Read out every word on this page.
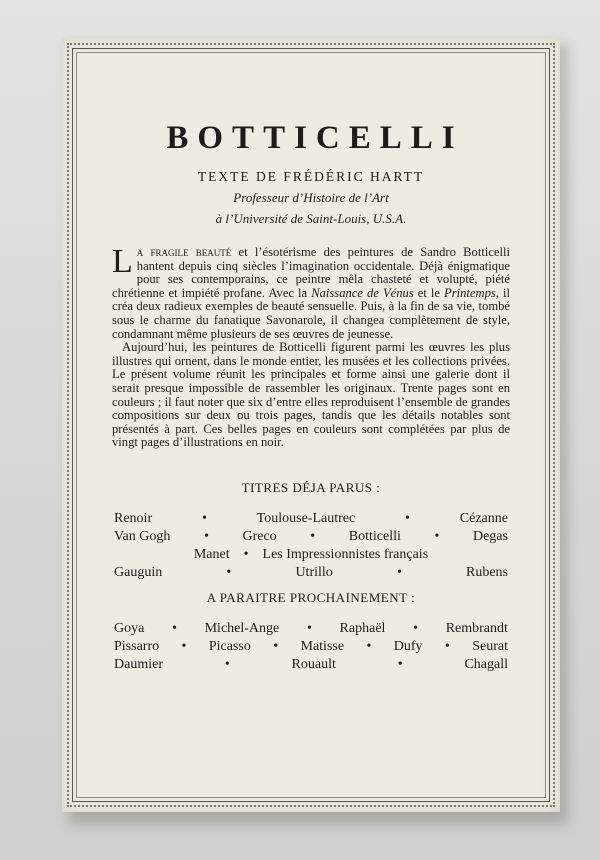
BOTTICELLI
TEXTE DE FRÉDÉRIC HARTT
Professeur d’Histoire de l’Art
à l’Université de Saint-Louis, U.S.A.

La fragile beauté et l’ésotérisme des peintures de Sandro Botticelli hantent depuis cinq siècles l’imagination occidentale. Déjà énigmatique pour ses contemporains, ce peintre mêla chasteté et volupté, piété chrétienne et impiété profane. Avec la Naissance de Vénus et le Printemps, il créa deux radieux exemples de beauté sensuelle. Puis, à la fin de sa vie, tombé sous le charme du fanatique Savonarole, il changea complètement de style, condamnant même plusieurs de ses œuvres de jeunesse.

Aujourd’hui, les peintures de Botticelli figurent parmi les œuvres les plus illustres qui ornent, dans le monde entier, les musées et les collections privées. Le présent volume réunit les principales et forme ainsi une galerie dont il serait presque impossible de rassembler les originaux. Trente pages sont en couleurs ; il faut noter que six d’entre elles reproduisent l’ensemble de grandes compositions sur deux ou trois pages, tandis que les détails notables sont présentés à part. Ces belles pages en couleurs sont complétées par plus de vingt pages d’illustrations en noir.

TITRES DÉJA PARUS :
Renoir	•	Toulouse-Lautrec	•	Cézanne
Van Gogh • Greco • Botticelli • Degas
Manet • Les Impressionnistes français
Gauguin	•	Utrillo	•	Rubens
A PARAITRE PROCHAINEMENT :
Goya • Michel-Ange • Raphaël • Rembrandt
Pissarro • Picasso • Matisse • Dufy • Seurat
Daumier	•	Rouault	•	Chagall
